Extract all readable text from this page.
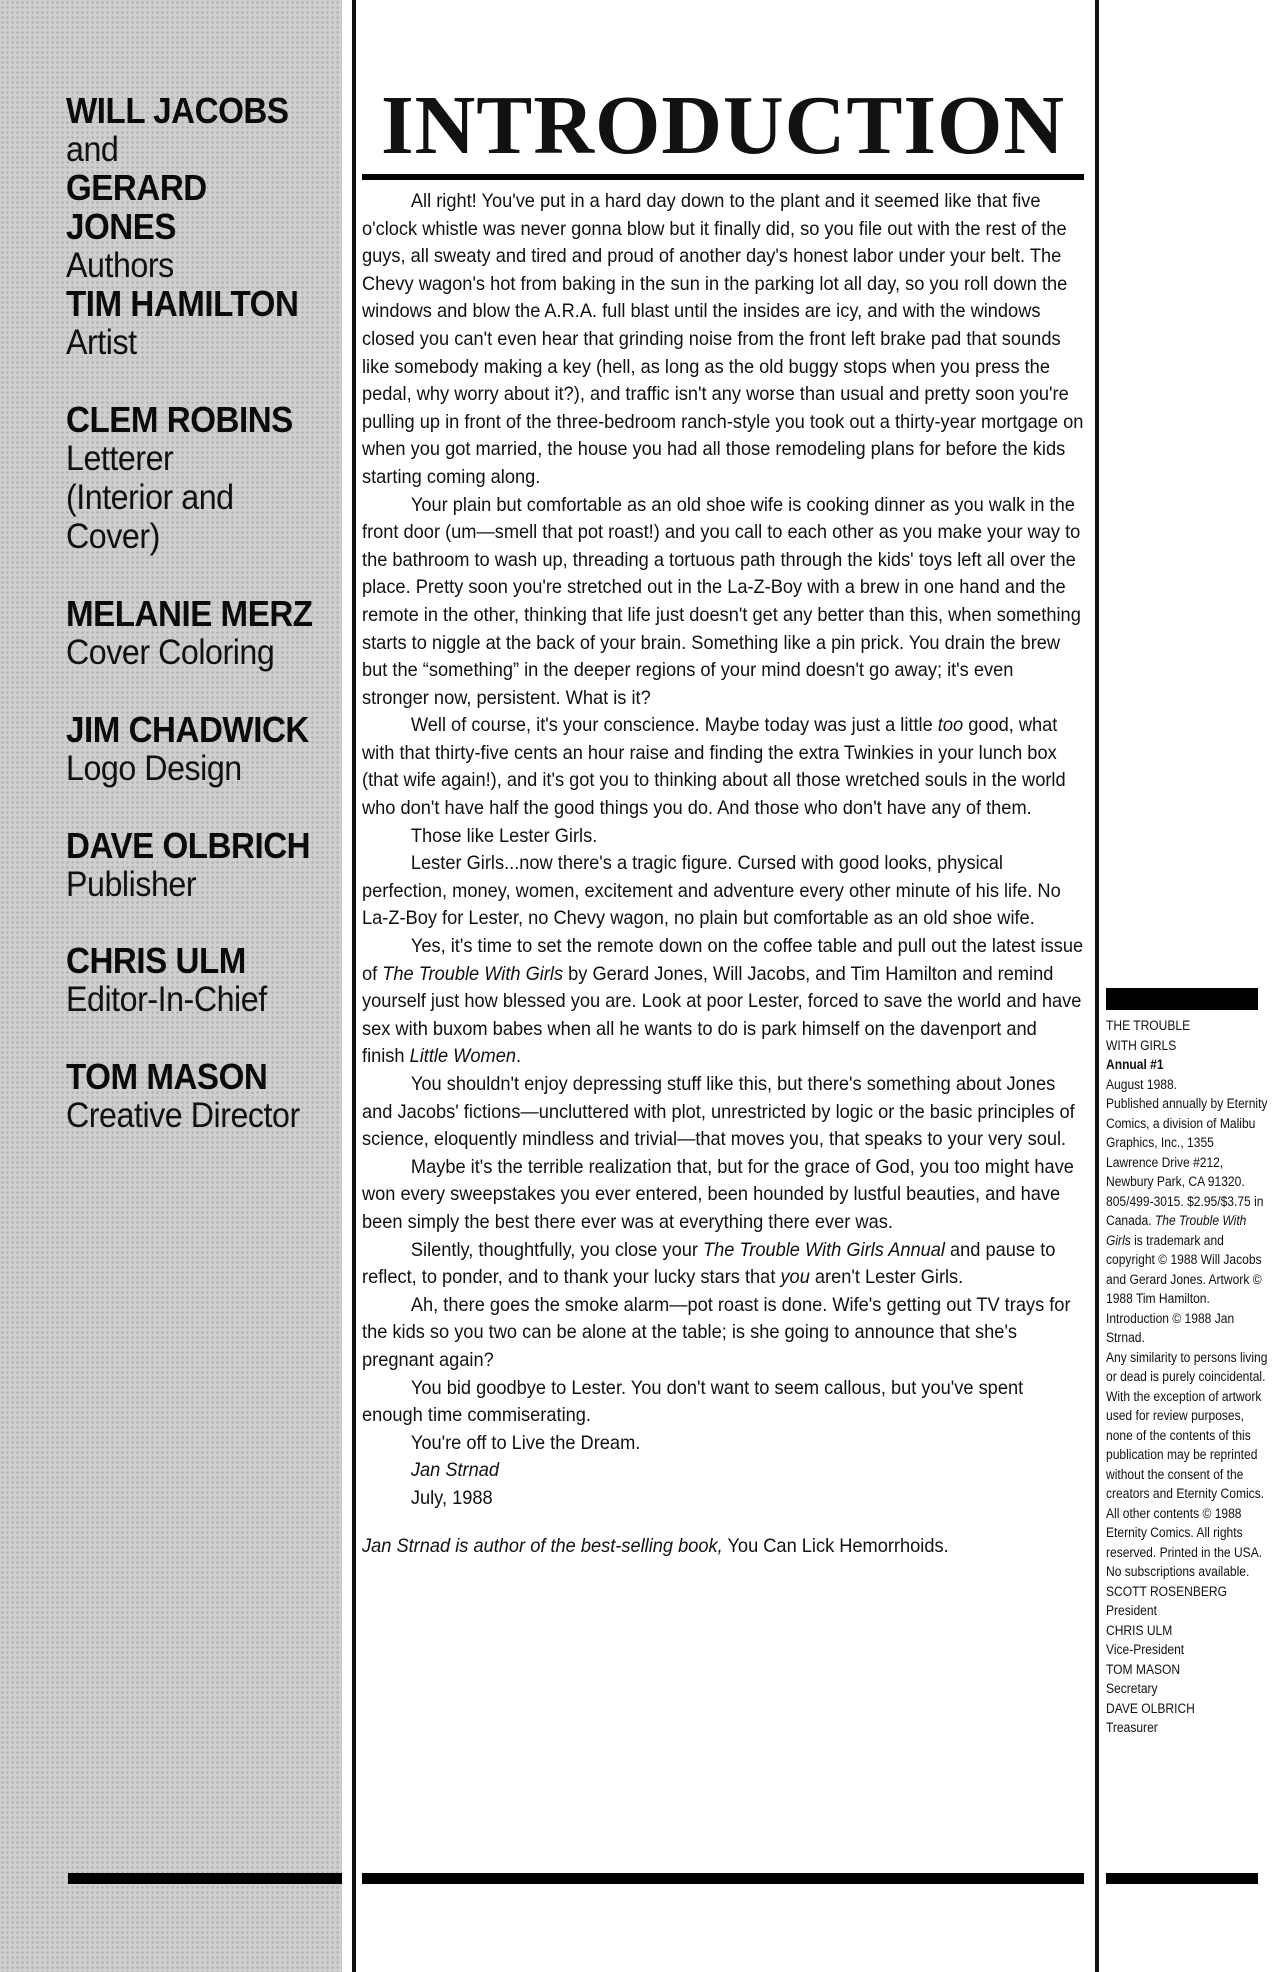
WILL JACOBS
and
GERARD JONES
Authors
TIM HAMILTON
Artist
CLEM ROBINS
Letterer
(Interior and
Cover)
MELANIE MERZ
Cover Coloring
JIM CHADWICK
Logo Design
DAVE OLBRICH
Publisher
CHRIS ULM
Editor-In-Chief
TOM MASON
Creative Director
INTRODUCTION

All right! You've put in a hard day down to the plant and it seemed like that five o'clock whistle was never gonna blow but it finally did, so you file out with the rest of the guys, all sweaty and tired and proud of another day's honest labor under your belt. The Chevy wagon's hot from baking in the sun in the parking lot all day, so you roll down the windows and blow the A.R.A. full blast until the insides are icy, and with the windows closed you can't even hear that grinding noise from the front left brake pad that sounds like somebody making a key (hell, as long as the old buggy stops when you press the pedal, why worry about it?), and traffic isn't any worse than usual and pretty soon you're pulling up in front of the three-bedroom ranch-style you took out a thirty-year mortgage on when you got married, the house you had all those remodeling plans for before the kids starting coming along.

Your plain but comfortable as an old shoe wife is cooking dinner as you walk in the front door (um—smell that pot roast!) and you call to each other as you make your way to the bathroom to wash up, threading a tortuous path through the kids' toys left all over the place. Pretty soon you're stretched out in the La-Z-Boy with a brew in one hand and the remote in the other, thinking that life just doesn't get any better than this, when something starts to niggle at the back of your brain. Something like a pin prick. You drain the brew but the “something” in the deeper regions of your mind doesn't go away; it's even stronger now, persistent. What is it?

Well of course, it's your conscience. Maybe today was just a little too good, what with that thirty-five cents an hour raise and finding the extra Twinkies in your lunch box (that wife again!), and it's got you to thinking about all those wretched souls in the world who don't have half the good things you do. And those who don't have any of them.

Those like Lester Girls.

Lester Girls...now there's a tragic figure. Cursed with good looks, physical perfection, money, women, excitement and adventure every other minute of his life. No La-Z-Boy for Lester, no Chevy wagon, no plain but comfortable as an old shoe wife.

Yes, it's time to set the remote down on the coffee table and pull out the latest issue of The Trouble With Girls by Gerard Jones, Will Jacobs, and Tim Hamilton and remind yourself just how blessed you are. Look at poor Lester, forced to save the world and have sex with buxom babes when all he wants to do is park himself on the davenport and finish Little Women.

You shouldn't enjoy depressing stuff like this, but there's something about Jones and Jacobs' fictions—uncluttered with plot, unrestricted by logic or the basic principles of science, eloquently mindless and trivial—that moves you, that speaks to your very soul.

Maybe it's the terrible realization that, but for the grace of God, you too might have won every sweepstakes you ever entered, been hounded by lustful beauties, and have been simply the best there ever was at everything there ever was.

Silently, thoughtfully, you close your The Trouble With Girls Annual and pause to reflect, to ponder, and to thank your lucky stars that you aren't Lester Girls.

Ah, there goes the smoke alarm—pot roast is done. Wife's getting out TV trays for the kids so you two can be alone at the table; is she going to announce that she's pregnant again?

You bid goodbye to Lester. You don't want to seem callous, but you've spent enough time commiserating.

You're off to Live the Dream.

Jan Strnad

July, 1988

Jan Strnad is author of the best-selling book, You Can Lick Hemorrhoids.

THE TROUBLE

WITH GIRLS

Annual #1

August 1988.

Published annually by Eternity Comics, a division of Malibu Graphics, Inc., 1355 Lawrence Drive #212, Newbury Park, CA 91320. 805/499-3015. $2.95/$3.75 in Canada. The Trouble With Girls is trademark and copyright © 1988 Will Jacobs and Gerard Jones. Artwork © 1988 Tim Hamilton. Introduction © 1988 Jan Strnad.

Any similarity to persons living or dead is purely coincidental. With the exception of artwork used for review purposes, none of the contents of this publication may be reprinted without the consent of the creators and Eternity Comics.

All other contents © 1988 Eternity Comics. All rights reserved. Printed in the USA. No subscriptions available.

SCOTT ROSENBERG

President

CHRIS ULM

Vice-President

TOM MASON

Secretary

DAVE OLBRICH

Treasurer
